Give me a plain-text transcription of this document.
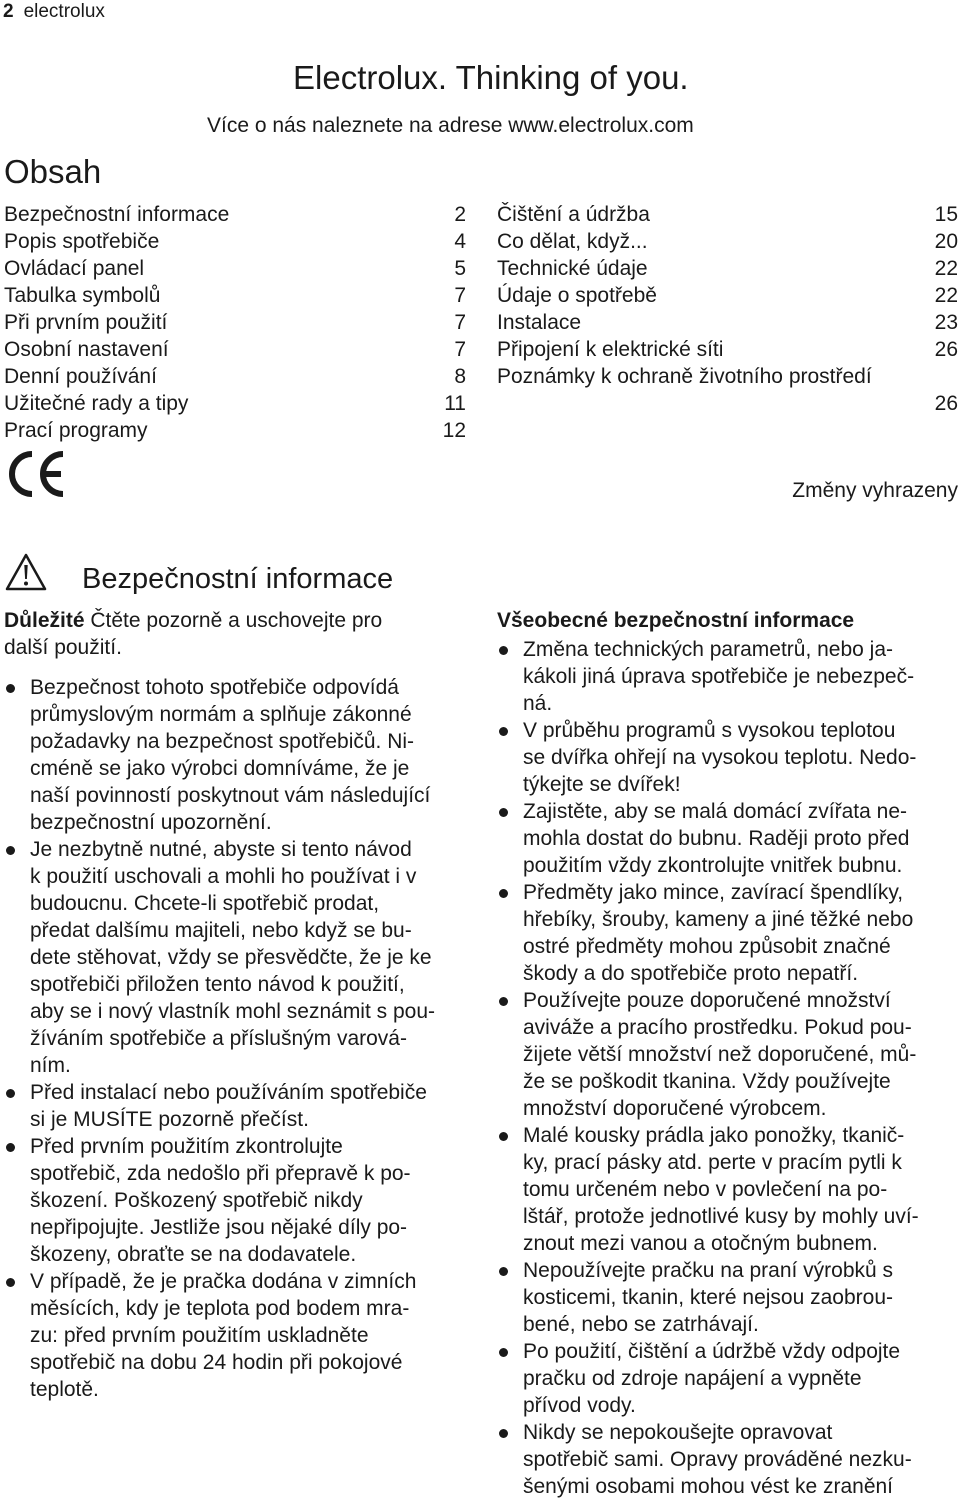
2 electrolux
Electrolux. Thinking of you.
Více o nás naleznete na adrese www.electrolux.com
Obsah
Bezpečnostní informace	2
Popis spotřebiče	4
Ovládací panel	5
Tabulka symbolů	7
Při prvním použití	7
Osobní nastavení	7
Denní používání	8
Užitečné rady a tipy	11
Prací programy	12
Čištění a údržba	15
Co dělat, když...	20
Technické údaje	22
Údaje o spotřebě	22
Instalace	23
Připojení k elektrické síti	26
Poznámky k ochraně životního prostředí
26
Změny vyhrazeny
Bezpečnostní informace

Důležité Čtěte pozorně a uschovejte pro
další použití.

Bezpečnost tohoto spotřebiče odpovídá
průmyslovým normám a splňuje zákonné
požadavky na bezpečnost spotřebičů. Ni-
cméně se jako výrobci domníváme, že je
naší povinností poskytnout vám následující
bezpečnostní upozornění.
Je nezbytně nutné, abyste si tento návod
k použití uschovali a mohli ho používat i v
budoucnu. Chcete-li spotřebič prodat,
předat dalšímu majiteli, nebo když se bu-
dete stěhovat, vždy se přesvědčte, že je ke
spotřebiči přiložen tento návod k použití,
aby se i nový vlastník mohl seznámit s pou-
žíváním spotřebiče a příslušným varová-
ním.
Před instalací nebo používáním spotřebiče
si je MUSÍTE pozorně přečíst.
Před prvním použitím zkontrolujte
spotřebič, zda nedošlo při přepravě k po-
škození. Poškozený spotřebič nikdy
nepřipojujte. Jestliže jsou nějaké díly po-
škozeny, obraťte se na dodavatele.
V případě, že je pračka dodána v zimních
měsících, kdy je teplota pod bodem mra-
zu: před prvním použitím uskladněte
spotřebič na dobu 24 hodin při pokojové
teplotě.

Všeobecné bezpečnostní informace

Změna technických parametrů, nebo ja-
kákoli jiná úprava spotřebiče je nebezpeč-
ná.
V průběhu programů s vysokou teplotou
se dvířka ohřejí na vysokou teplotu. Nedo-
týkejte se dvířek!
Zajistěte, aby se malá domácí zvířata ne-
mohla dostat do bubnu. Raději proto před
použitím vždy zkontrolujte vnitřek bubnu.
Předměty jako mince, zavírací špendlíky,
hřebíky, šrouby, kameny a jiné těžké nebo
ostré předměty mohou způsobit značné
škody a do spotřebiče proto nepatří.
Používejte pouze doporučené množství
aviváže a pracího prostředku. Pokud pou-
žijete větší množství než doporučené, mů-
že se poškodit tkanina. Vždy používejte
množství doporučené výrobcem.
Malé kousky prádla jako ponožky, tkanič-
ky, prací pásky atd. perte v pracím pytli k
tomu určeném nebo v povlečení na po-
lštář, protože jednotlivé kusy by mohly uví-
znout mezi vanou a otočným bubnem.
Nepoužívejte pračku na praní výrobků s
kosticemi, tkanin, které nejsou zaobrou-
bené, nebo se zatrhávají.
Po použití, čištění a údržbě vždy odpojte
pračku od zdroje napájení a vypněte
přívod vody.
Nikdy se nepokoušejte opravovat
spotřebič sami. Opravy prováděné nezku-
šenými osobami mohou vést ke zranění
